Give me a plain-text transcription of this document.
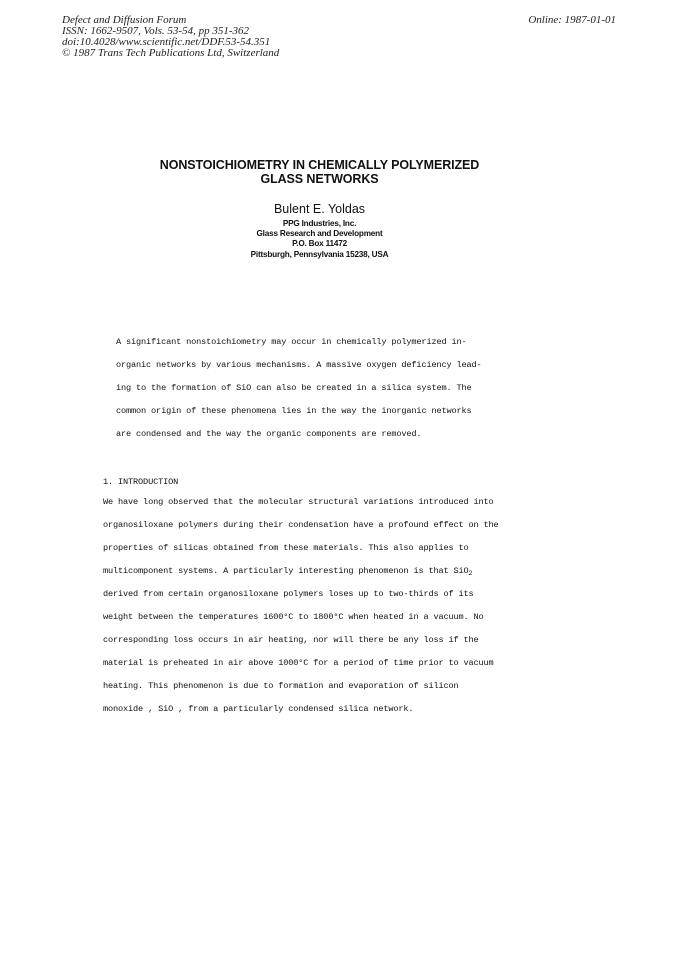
Defect and Diffusion Forum
ISSN: 1662-9507, Vols. 53-54, pp 351-362
doi:10.4028/www.scientific.net/DDF.53-54.351
© 1987 Trans Tech Publications Ltd, Switzerland
Online: 1987-01-01
NONSTOICHIOMETRY IN CHEMICALLY POLYMERIZED
GLASS NETWORKS
Bulent E. Yoldas
PPG Industries, Inc.
Glass Research and Development
P.O. Box 11472
Pittsburgh, Pennsylvania 15238, USA
A significant nonstoichiometry may occur in chemically polymerized in-
organic networks by various mechanisms. A massive oxygen deficiency lead-
ing to the formation of SiO can also be created in a silica system. The
common origin of these phenomena lies in the way the inorganic networks
are condensed and the way the organic components are removed.
1. INTRODUCTION
We have long observed that the molecular structural variations introduced into
organosiloxane polymers during their condensation have a profound effect on the
properties of silicas obtained from these materials. This also applies to
multicomponent systems. A particularly interesting phenomenon is that SiO$_2$
derived from certain organosiloxane polymers loses up to two-thirds of its
weight between the temperatures 1600°C to 1800°C when heated in a vacuum. No
corresponding loss occurs in air heating, nor will there be any loss if the
material is preheated in air above 1000°C for a period of time prior to vacuum
heating. This phenomenon is due to formation and evaporation of silicon
monoxide , SiO , from a particularly condensed silica network.
